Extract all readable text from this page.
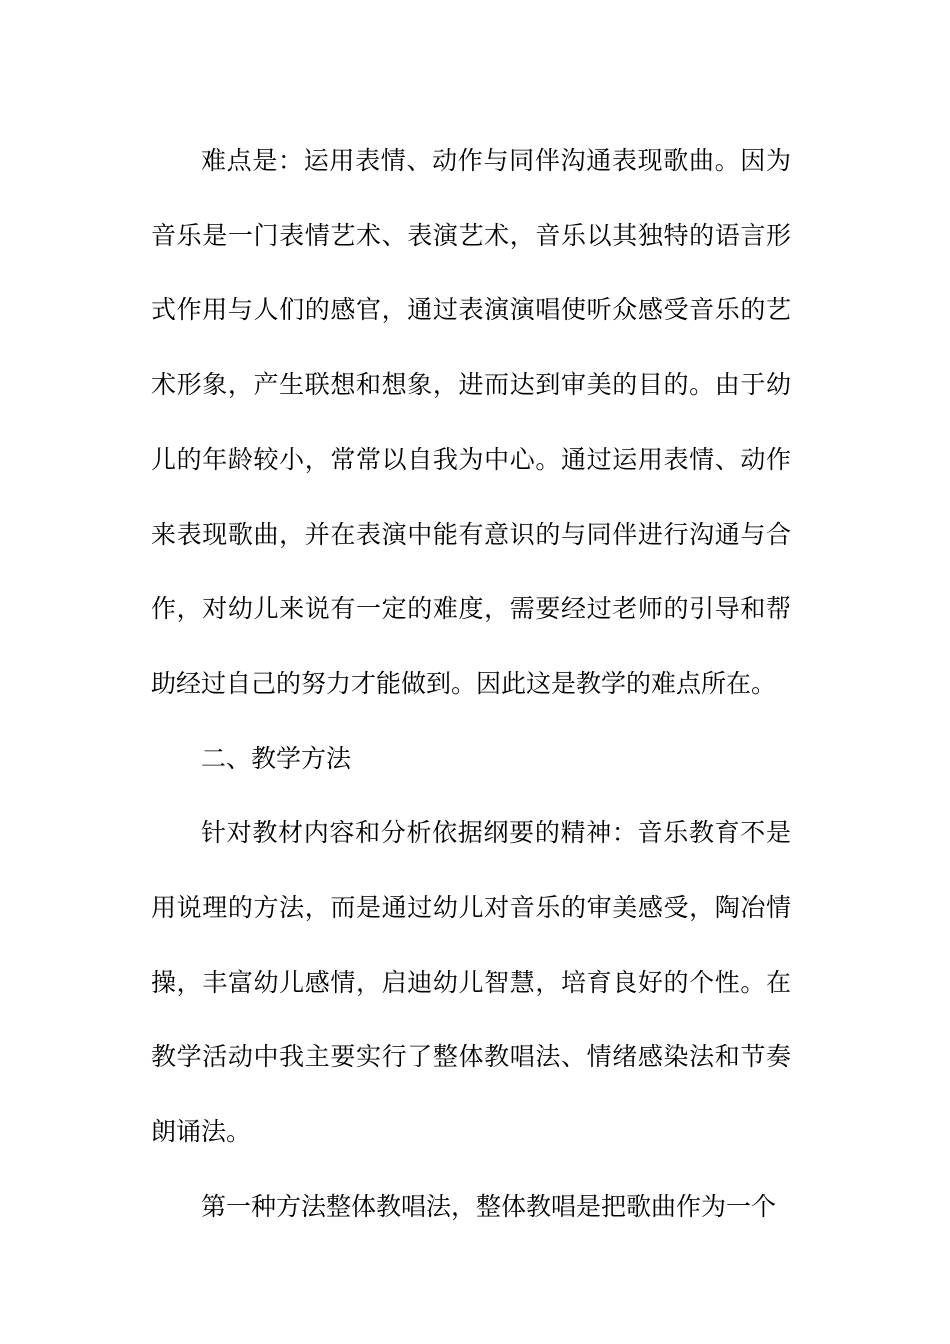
难点是：运用表情、动作与同伴沟通表现歌曲。因为音乐是一门表情艺术、表演艺术，音乐以其独特的语言形式作用与人们的感官，通过表演演唱使听众感受音乐的艺术形象，产生联想和想象，进而达到审美的目的。由于幼儿的年龄较小，常常以自我为中心。通过运用表情、动作来表现歌曲，并在表演中能有意识的与同伴进行沟通与合作，对幼儿来说有一定的难度，需要经过老师的引导和帮助经过自己的努力才能做到。因此这是教学的难点所在。

二、教学方法

针对教材内容和分析依据纲要的精神：音乐教育不是用说理的方法，而是通过幼儿对音乐的审美感受，陶冶情操，丰富幼儿感情，启迪幼儿智慧，培育良好的个性。在教学活动中我主要实行了整体教唱法、情绪感染法和节奏朗诵法。

第一种方法整体教唱法，整体教唱是把歌曲作为一个
